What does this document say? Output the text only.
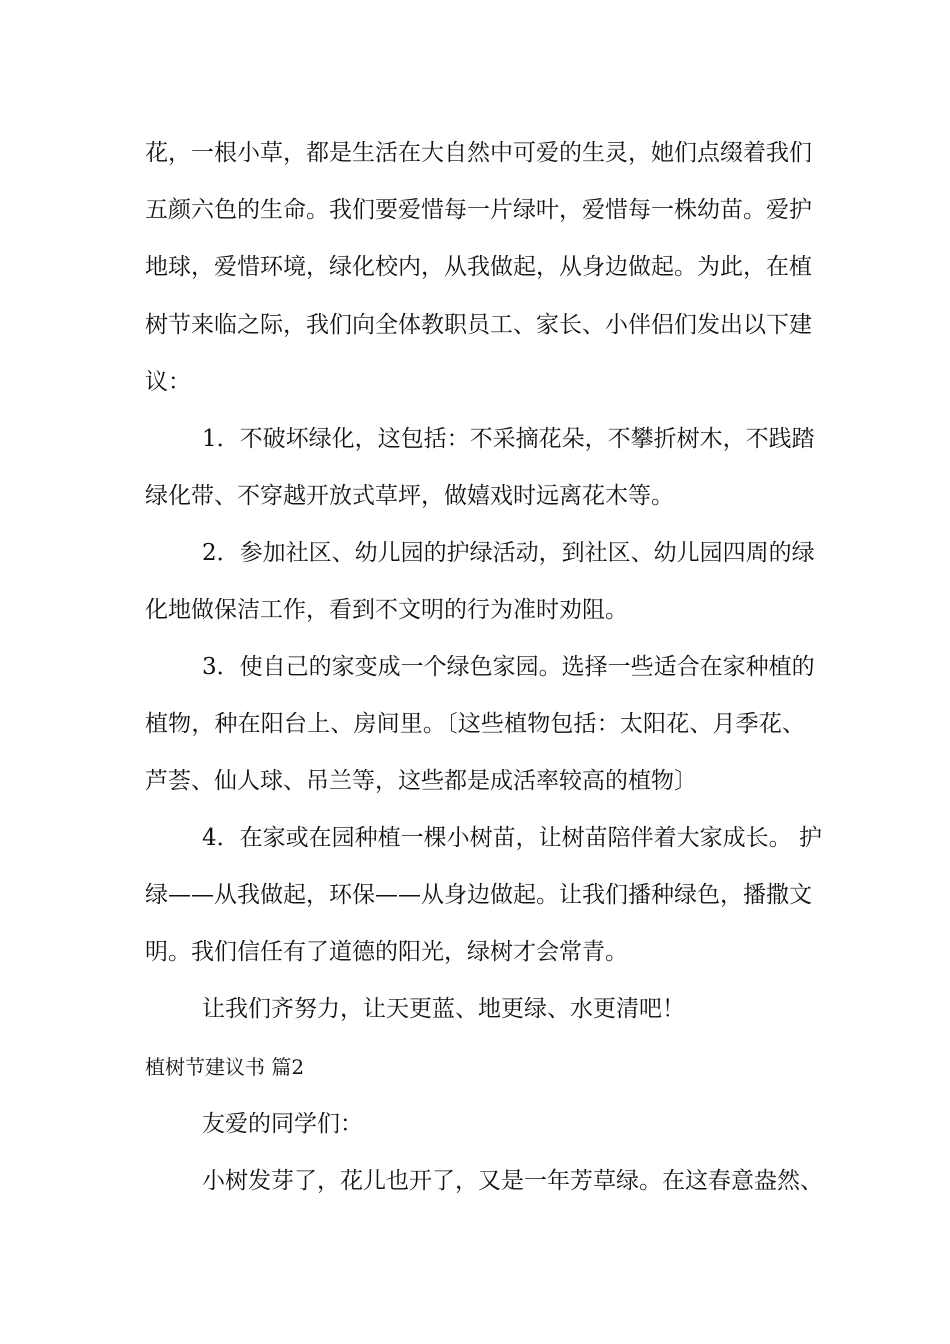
花，一根小草，都是生活在大自然中可爱的生灵，她们点缀着我们
五颜六色的生命。我们要爱惜每一片绿叶，爱惜每一株幼苗。爱护
地球，爱惜环境，绿化校内，从我做起，从身边做起。为此，在植
树节来临之际，我们向全体教职员工、家长、小伴侣们发出以下建
议：
1．不破坏绿化，这包括：不采摘花朵，不攀折树木，不践踏
绿化带、不穿越开放式草坪，做嬉戏时远离花木等。
2．参加社区、幼儿园的护绿活动，到社区、幼儿园四周的绿
化地做保洁工作，看到不文明的行为准时劝阻。
3．使自己的家变成一个绿色家园。选择一些适合在家种植的
植物，种在阳台上、房间里。〔这些植物包括：太阳花、月季花、
芦荟、仙人球、吊兰等，这些都是成活率较高的植物〕
4．在家或在园种植一棵小树苗，让树苗陪伴着大家成长。 护
绿——从我做起，环保——从身边做起。让我们播种绿色，播撒文
明。我们信任有了道德的阳光，绿树才会常青。
让我们齐努力，让天更蓝、地更绿、水更清吧！
植树节建议书 篇2
友爱的同学们：
小树发芽了，花儿也开了，又是一年芳草绿。在这春意盎然、
